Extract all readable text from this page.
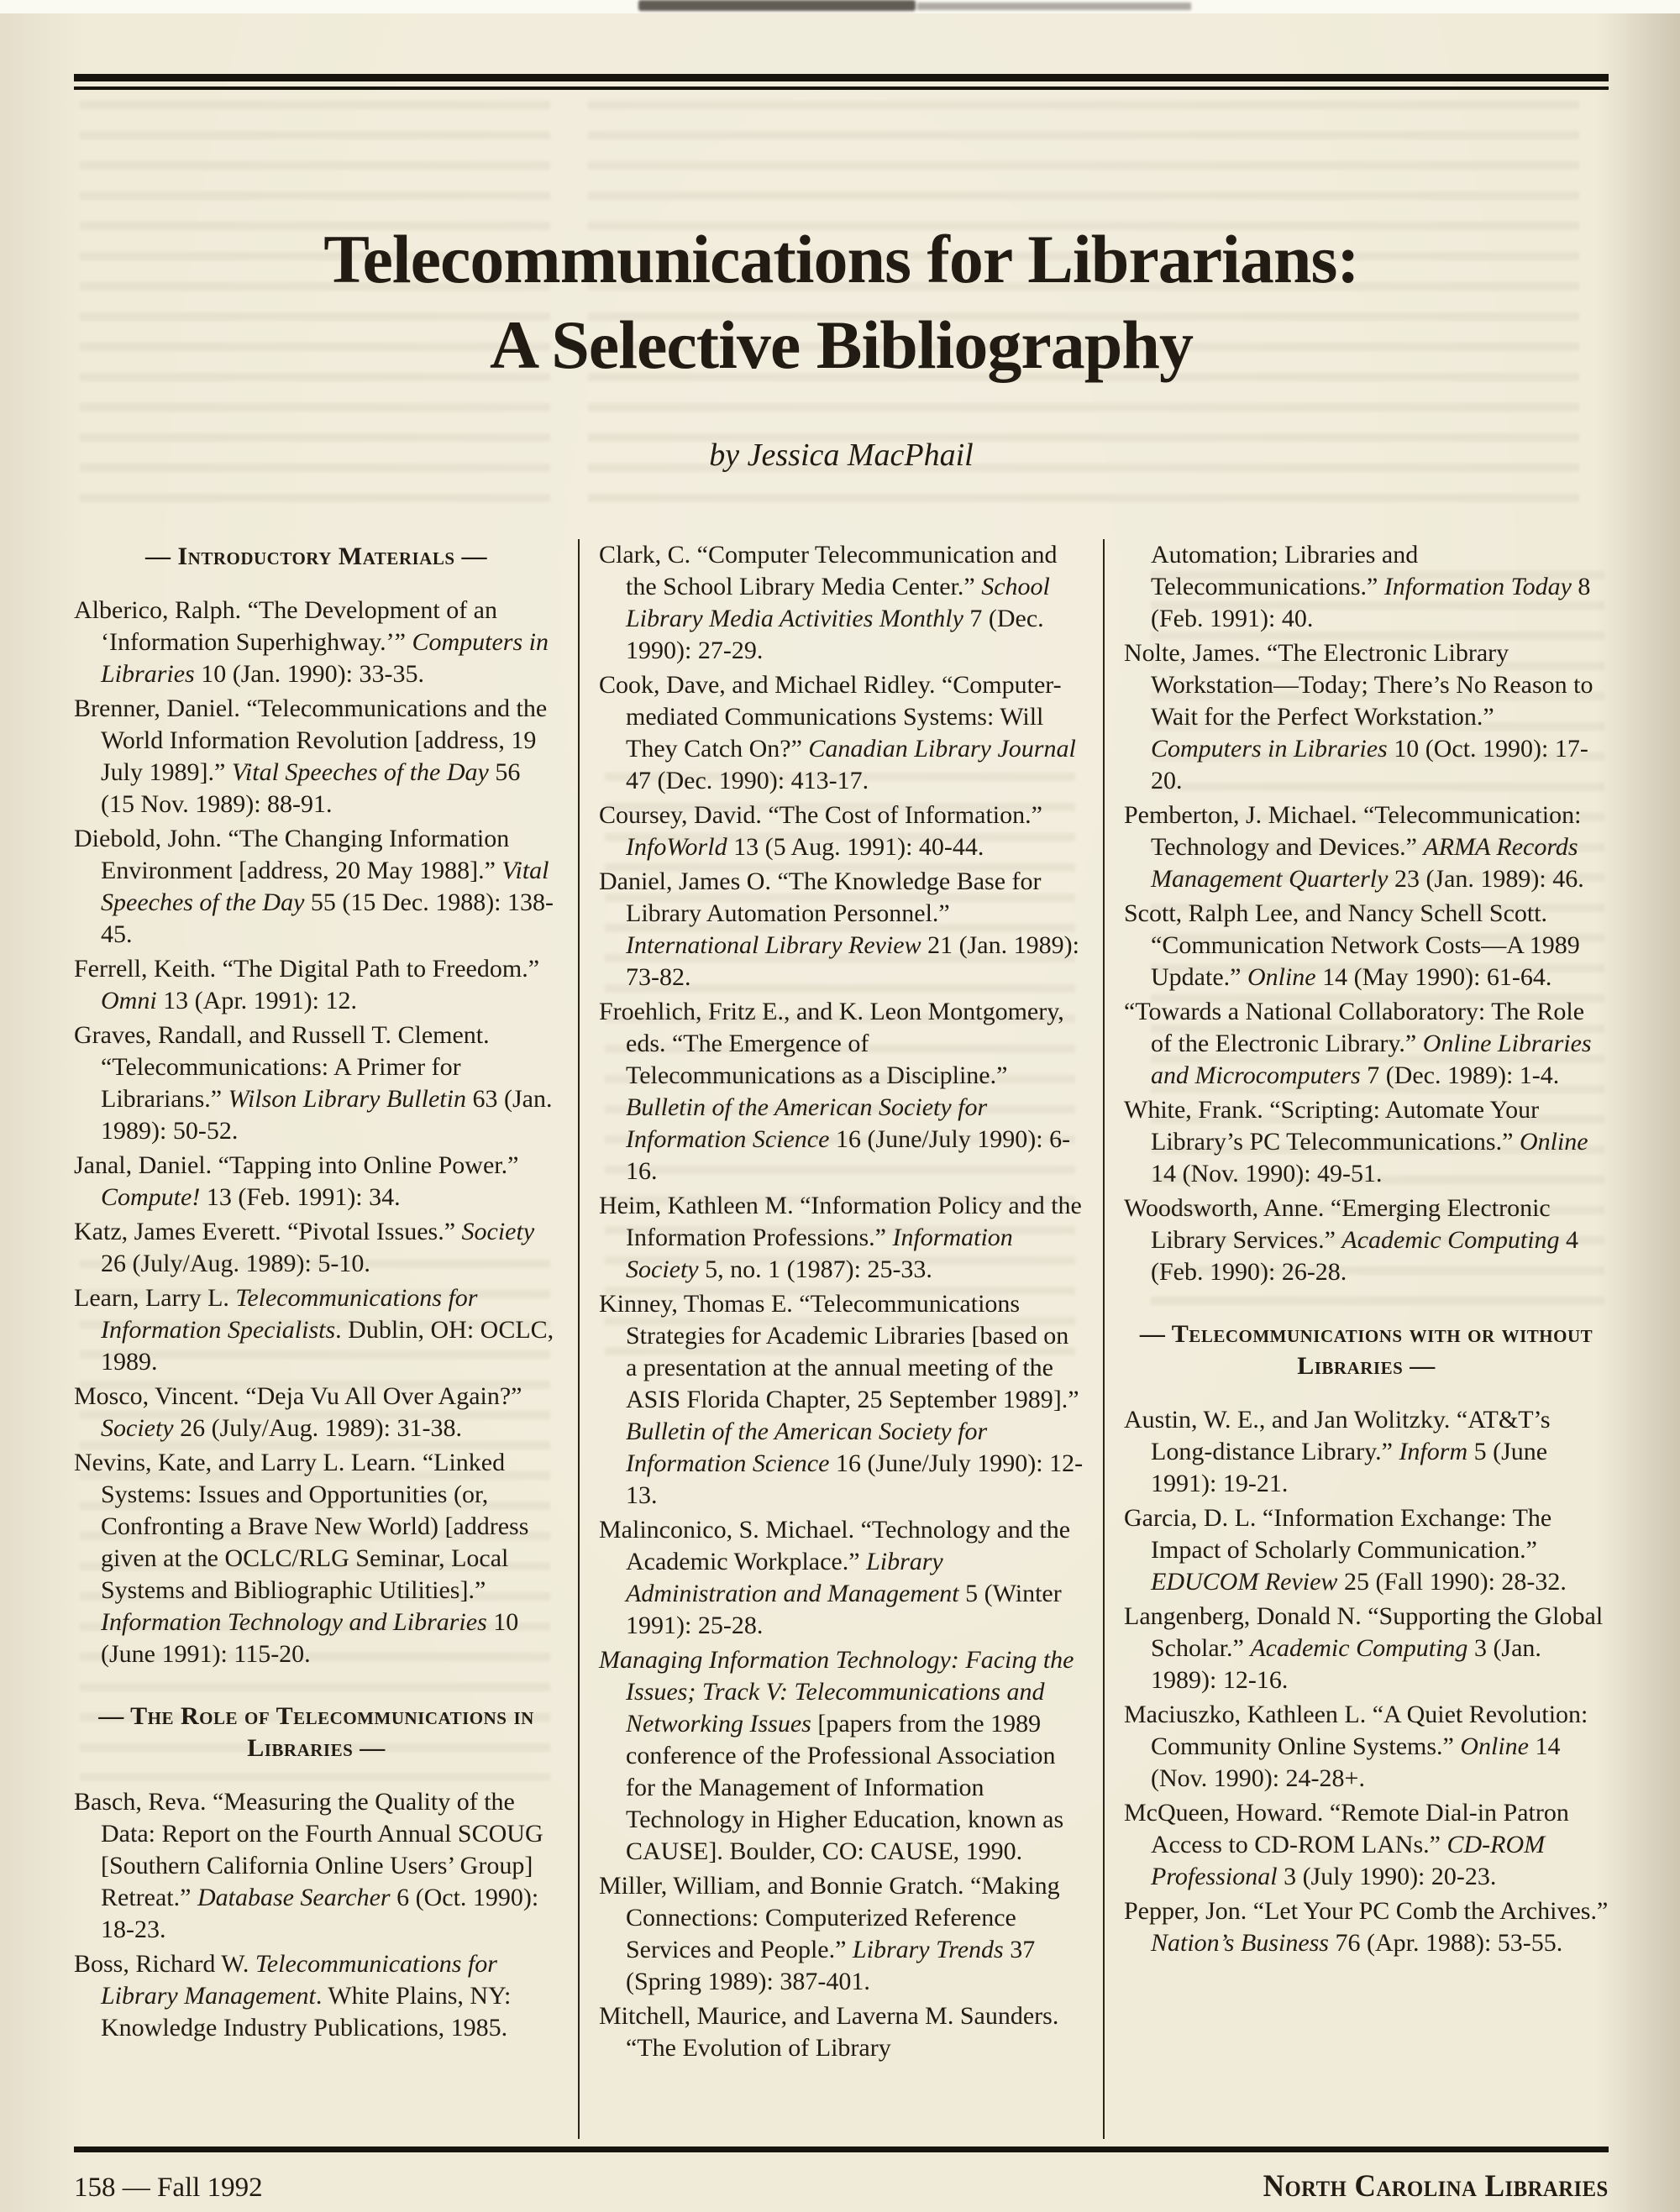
Telecommunications for Librarians:
A Selective Bibliography
by Jessica MacPhail
— Introductory Materials —

Alberico, Ralph. “The Development of an ‘Information Superhighway.’” Computers in Libraries 10 (Jan. 1990): 33-35.

Brenner, Daniel. “Telecommunications and the World Information Revolution [address, 19 July 1989].” Vital Speeches of the Day 56 (15 Nov. 1989): 88-91.

Diebold, John. “The Changing Information Environment [address, 20 May 1988].” Vital Speeches of the Day 55 (15 Dec. 1988): 138-45.

Ferrell, Keith. “The Digital Path to Freedom.” Omni 13 (Apr. 1991): 12.

Graves, Randall, and Russell T. Clement. “Telecommunications: A Primer for Librarians.” Wilson Library Bulletin 63 (Jan. 1989): 50-52.

Janal, Daniel. “Tapping into Online Power.” Compute! 13 (Feb. 1991): 34.

Katz, James Everett. “Pivotal Issues.” Society 26 (July/Aug. 1989): 5-10.

Learn, Larry L. Telecommunications for Information Specialists. Dublin, OH: OCLC, 1989.

Mosco, Vincent. “Deja Vu All Over Again?” Society 26 (July/Aug. 1989): 31-38.

Nevins, Kate, and Larry L. Learn. “Linked Systems: Issues and Opportunities (or, Confronting a Brave New World) [address given at the OCLC/RLG Seminar, Local Systems and Bibliographic Utilities].” Information Technology and Libraries 10 (June 1991): 115-20.

— The Role of Telecommunications in Libraries —

Basch, Reva. “Measuring the Quality of the Data: Report on the Fourth Annual SCOUG [Southern California Online Users’ Group] Retreat.” Database Searcher 6 (Oct. 1990): 18-23.

Boss, Richard W. Telecommunications for Library Management. White Plains, NY: Knowledge Industry Publications, 1985.

Clark, C. “Computer Telecommunication and the School Library Media Center.” School Library Media Activities Monthly 7 (Dec. 1990): 27-29.

Cook, Dave, and Michael Ridley. “Computer-mediated Communications Systems: Will They Catch On?” Canadian Library Journal 47 (Dec. 1990): 413-17.

Coursey, David. “The Cost of Information.” InfoWorld 13 (5 Aug. 1991): 40-44.

Daniel, James O. “The Knowledge Base for Library Automation Personnel.” International Library Review 21 (Jan. 1989): 73-82.

Froehlich, Fritz E., and K. Leon Montgomery, eds. “The Emergence of Telecommunications as a Discipline.” Bulletin of the American Society for Information Science 16 (June/July 1990): 6-16.

Heim, Kathleen M. “Information Policy and the Information Professions.” Information Society 5, no. 1 (1987): 25-33.

Kinney, Thomas E. “Telecommunications Strategies for Academic Libraries [based on a presentation at the annual meeting of the ASIS Florida Chapter, 25 September 1989].” Bulletin of the American Society for Information Science 16 (June/July 1990): 12-13.

Malinconico, S. Michael. “Technology and the Academic Workplace.” Library Administration and Management 5 (Winter 1991): 25-28.

Managing Information Technology: Facing the Issues; Track V: Telecommunications and Networking Issues [papers from the 1989 conference of the Professional Association for the Management of Information Technology in Higher Education, known as CAUSE]. Boulder, CO: CAUSE, 1990.

Miller, William, and Bonnie Gratch. “Making Connections: Computerized Reference Services and People.” Library Trends 37 (Spring 1989): 387-401.

Mitchell, Maurice, and Laverna M. Saunders. “The Evolution of Library

Automation; Libraries and Telecommunications.” Information Today 8 (Feb. 1991): 40.

Nolte, James. “The Electronic Library Workstation—Today; There’s No Reason to Wait for the Perfect Workstation.” Computers in Libraries 10 (Oct. 1990): 17-20.

Pemberton, J. Michael. “Telecommunication: Technology and Devices.” ARMA Records Management Quarterly 23 (Jan. 1989): 46.

Scott, Ralph Lee, and Nancy Schell Scott. “Communication Network Costs—A 1989 Update.” Online 14 (May 1990): 61-64.

“Towards a National Collaboratory: The Role of the Electronic Library.” Online Libraries and Microcomputers 7 (Dec. 1989): 1-4.

White, Frank. “Scripting: Automate Your Library’s PC Telecommunications.” Online 14 (Nov. 1990): 49-51.

Woodsworth, Anne. “Emerging Electronic Library Services.” Academic Computing 4 (Feb. 1990): 26-28.

— Telecommunications with or without Libraries —

Austin, W. E., and Jan Wolitzky. “AT&T’s Long-distance Library.” Inform 5 (June 1991): 19-21.

Garcia, D. L. “Information Exchange: The Impact of Scholarly Communication.” EDUCOM Review 25 (Fall 1990): 28-32.

Langenberg, Donald N. “Supporting the Global Scholar.” Academic Computing 3 (Jan. 1989): 12-16.

Maciuszko, Kathleen L. “A Quiet Revolution: Community Online Systems.” Online 14 (Nov. 1990): 24-28+.

McQueen, Howard. “Remote Dial-in Patron Access to CD-ROM LANs.” CD-ROM Professional 3 (July 1990): 20-23.

Pepper, Jon. “Let Your PC Comb the Archives.” Nation’s Business 76 (Apr. 1988): 53-55.

158 — Fall 1992	North Carolina Libraries
